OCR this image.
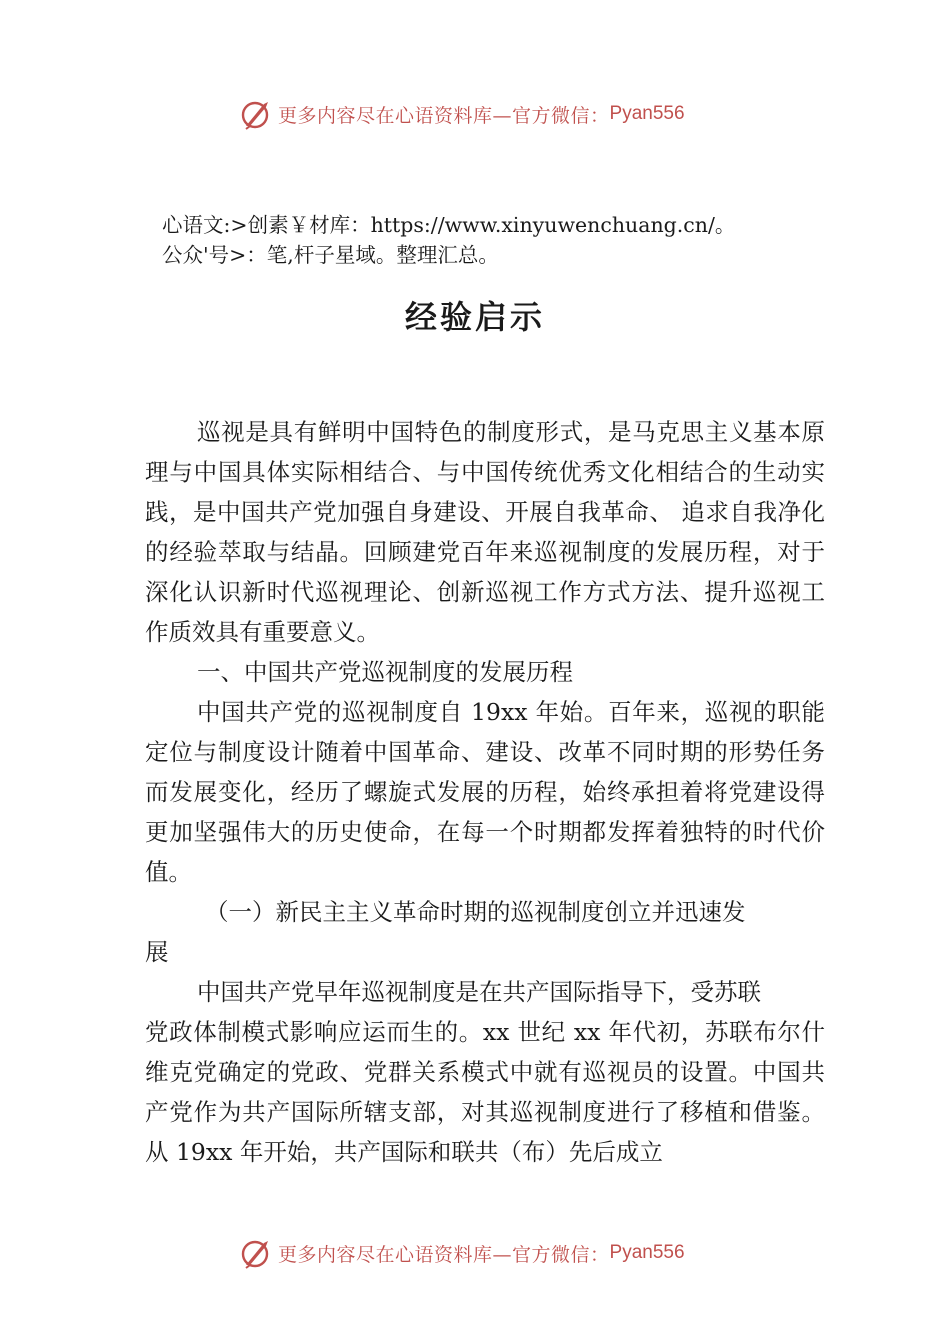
更多内容尽在心语资料库—官方微信： Pyan556
心语文:>创素￥材库：https://www.xinyuwenchuang.cn/。
公众'号>：笔,杆子星域。整理汇总。
经验启示

巡视是具有鲜明中国特色的制度形式，是马克思主义基本原理与中国具体实际相结合、与中国传统优秀文化相结合的生动实践，是中国共产党加强自身建设、开展自我革命、 追求自我净化的经验萃取与结晶。回顾建党百年来巡视制度的发展历程，对于深化认识新时代巡视理论、创新巡视工作方式方法、提升巡视工作质效具有重要意义。

一、中国共产党巡视制度的发展历程

中国共产党的巡视制度自 19xx 年始。百年来，巡视的职能定位与制度设计随着中国革命、建设、改革不同时期的形势任务而发展变化，经历了螺旋式发展的历程，始终承担着将党建设得更加坚强伟大的历史使命，在每一个时期都发挥着独特的时代价值。

（一）新民主主义革命时期的巡视制度创立并迅速发

展

中国共产党早年巡视制度是在共产国际指导下，受苏联

党政体制模式影响应运而生的。xx 世纪 xx 年代初，苏联布尔什维克党确定的党政、党群关系模式中就有巡视员的设置。中国共产党作为共产国际所辖支部，对其巡视制度进行了移植和借鉴。从 19xx 年开始，共产国际和联共（布）先后成立

更多内容尽在心语资料库—官方微信： Pyan556
